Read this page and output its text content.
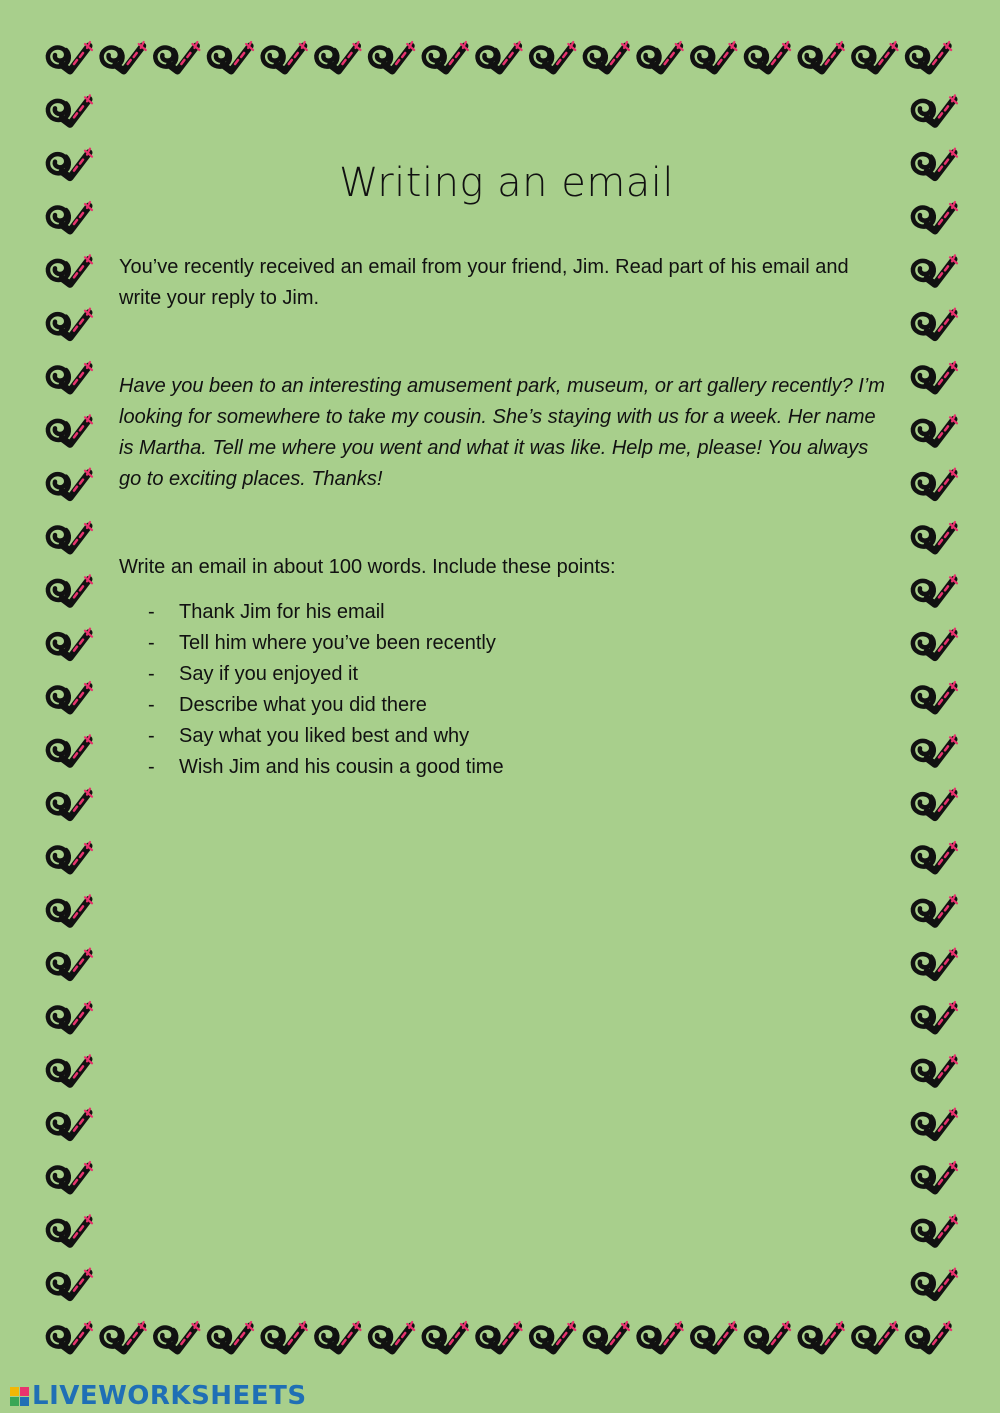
Writing an email

You’ve recently received an email from your friend, Jim. Read part of his email and write your reply to Jim.

Have you been to an interesting amusement park, museum, or art gallery recently? I’m looking for somewhere to take my cousin. She’s staying with us for a week. Her name is Martha. Tell me where you went and what it was like. Help me, please! You always go to exciting places. Thanks!

Write an email in about 100 words. Include these points:

-	Thank Jim for his email
-	Tell him where you’ve been recently
-	Say if you enjoyed it
-	Describe what you did there
-	Say what you liked best and why
-	Wish Jim and his cousin a good time
LIVEWORKSHEETS
